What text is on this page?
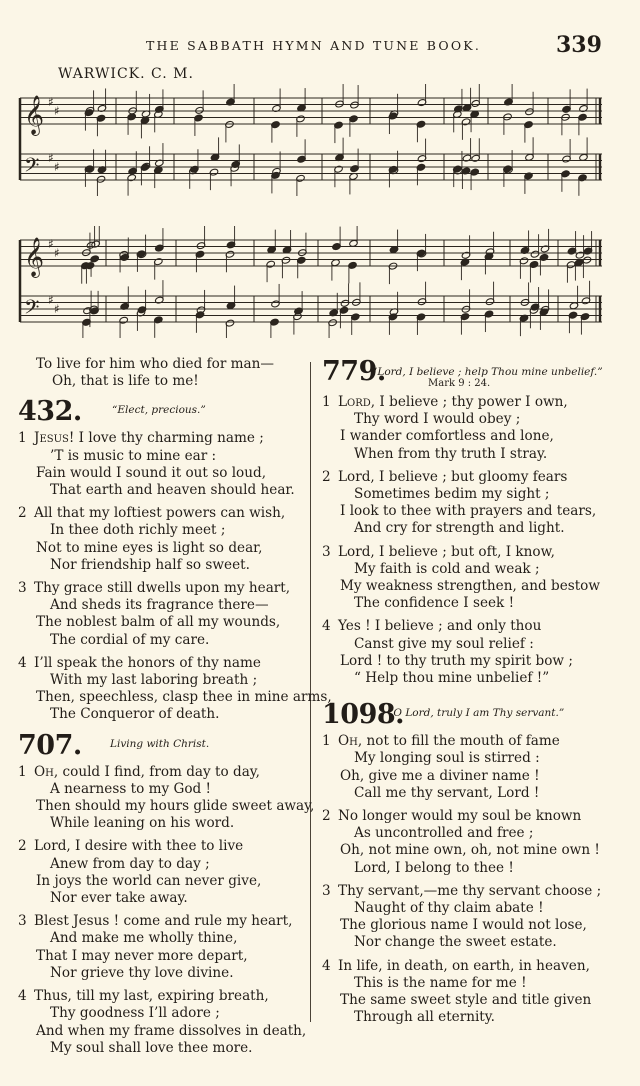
THE SABBATH HYMN AND TUNE BOOK.	339
WARWICK. C. M.
𝄞 ♯
♯
𝄢 ♯
♯
𝄞 ♯
♯
𝄢 ♯
♯
To live for him who died for man—
Oh, that is life to me!
432.	“Elect, precious.”
1 Jesus! I love thy charming name ;
’T is music to mine ear :
Fain would I sound it out so loud,
That earth and heaven should hear.
2 All that my loftiest powers can wish,
In thee doth richly meet ;
Not to mine eyes is light so dear,
Nor friendship half so sweet.
3 Thy grace still dwells upon my heart,
And sheds its fragrance there—
The noblest balm of all my wounds,
The cordial of my care.
4 I’ll speak the honors of thy name
With my last laboring breath ;
Then, speechless, clasp thee in mine arms,
The Conqueror of death.
707.	Living with Christ.
1 Oh, could I find, from day to day,
A nearness to my God !
Then should my hours glide sweet away,
While leaning on his word.
2 Lord, I desire with thee to live
Anew from day to day ;
In joys the world can never give,
Nor ever take away.
3 Blest Jesus ! come and rule my heart,
And make me wholly thine,
That I may never more depart,
Nor grieve thy love divine.
4 Thus, till my last, expiring breath,
Thy goodness I’ll adore ;
And when my frame dissolves in death,
My soul shall love thee more.
779.
“Lord, I believe ; help Thou mine unbelief.”
Mark 9 : 24.
1 Lord, I believe ; thy power I own,
Thy word I would obey ;
I wander comfortless and lone,
When from thy truth I stray.
2 Lord, I believe ; but gloomy fears
Sometimes bedim my sight ;
I look to thee with prayers and tears,
And cry for strength and light.
3 Lord, I believe ; but oft, I know,
My faith is cold and weak ;
My weakness strengthen, and bestow
The confidence I seek !
4 Yes ! I believe ; and only thou
Canst give my soul relief :
Lord ! to thy truth my spirit bow ;
“ Help thou mine unbelief !”
1098.
“O Lord, truly I am Thy servant.”
1 Oh, not to fill the mouth of fame
My longing soul is stirred :
Oh, give me a diviner name !
Call me thy servant, Lord !
2 No longer would my soul be known
As uncontrolled and free ;
Oh, not mine own, oh, not mine own !
Lord, I belong to thee !
3 Thy servant,—me thy servant choose ;
Naught of thy claim abate !
The glorious name I would not lose,
Nor change the sweet estate.
4 In life, in death, on earth, in heaven,
This is the name for me !
The same sweet style and title given
Through all eternity.
